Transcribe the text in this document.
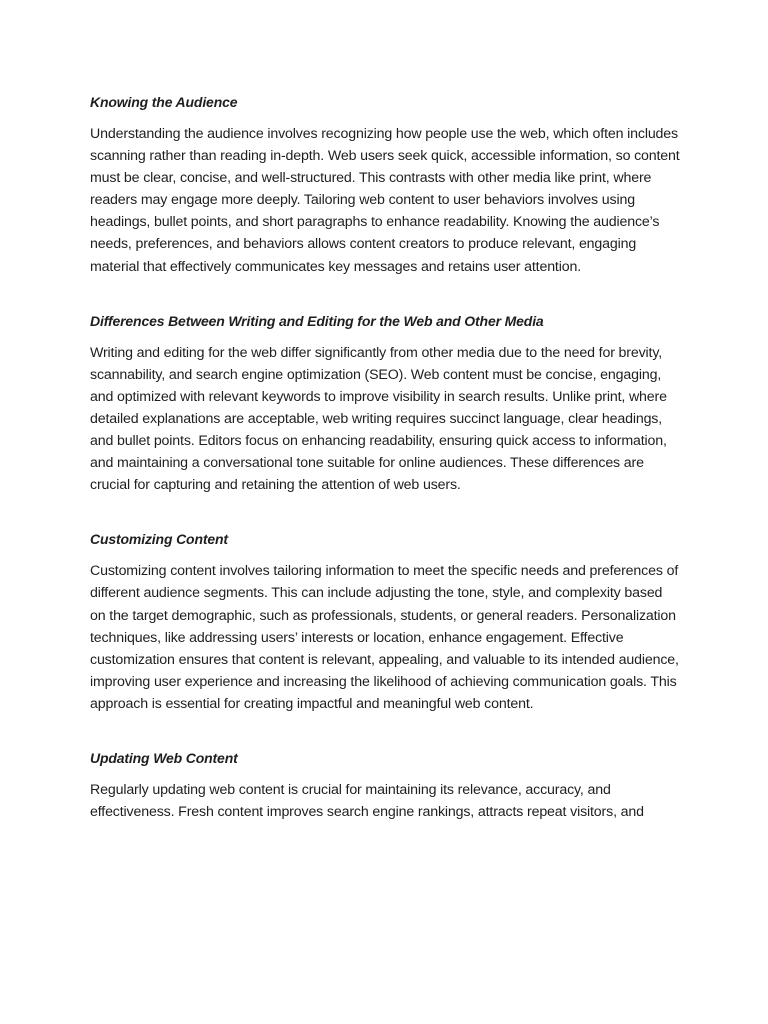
Knowing the Audience

Understanding the audience involves recognizing how people use the web, which often includes scanning rather than reading in-depth. Web users seek quick, accessible information, so content must be clear, concise, and well-structured. This contrasts with other media like print, where readers may engage more deeply. Tailoring web content to user behaviors involves using headings, bullet points, and short paragraphs to enhance readability. Knowing the audience’s needs, preferences, and behaviors allows content creators to produce relevant, engaging material that effectively communicates key messages and retains user attention.

Differences Between Writing and Editing for the Web and Other Media

Writing and editing for the web differ significantly from other media due to the need for brevity, scannability, and search engine optimization (SEO). Web content must be concise, engaging, and optimized with relevant keywords to improve visibility in search results. Unlike print, where detailed explanations are acceptable, web writing requires succinct language, clear headings, and bullet points. Editors focus on enhancing readability, ensuring quick access to information, and maintaining a conversational tone suitable for online audiences. These differences are crucial for capturing and retaining the attention of web users.

Customizing Content

Customizing content involves tailoring information to meet the specific needs and preferences of different audience segments. This can include adjusting the tone, style, and complexity based on the target demographic, such as professionals, students, or general readers. Personalization techniques, like addressing users’ interests or location, enhance engagement. Effective customization ensures that content is relevant, appealing, and valuable to its intended audience, improving user experience and increasing the likelihood of achieving communication goals. This approach is essential for creating impactful and meaningful web content.

Updating Web Content

Regularly updating web content is crucial for maintaining its relevance, accuracy, and effectiveness. Fresh content improves search engine rankings, attracts repeat visitors, and
